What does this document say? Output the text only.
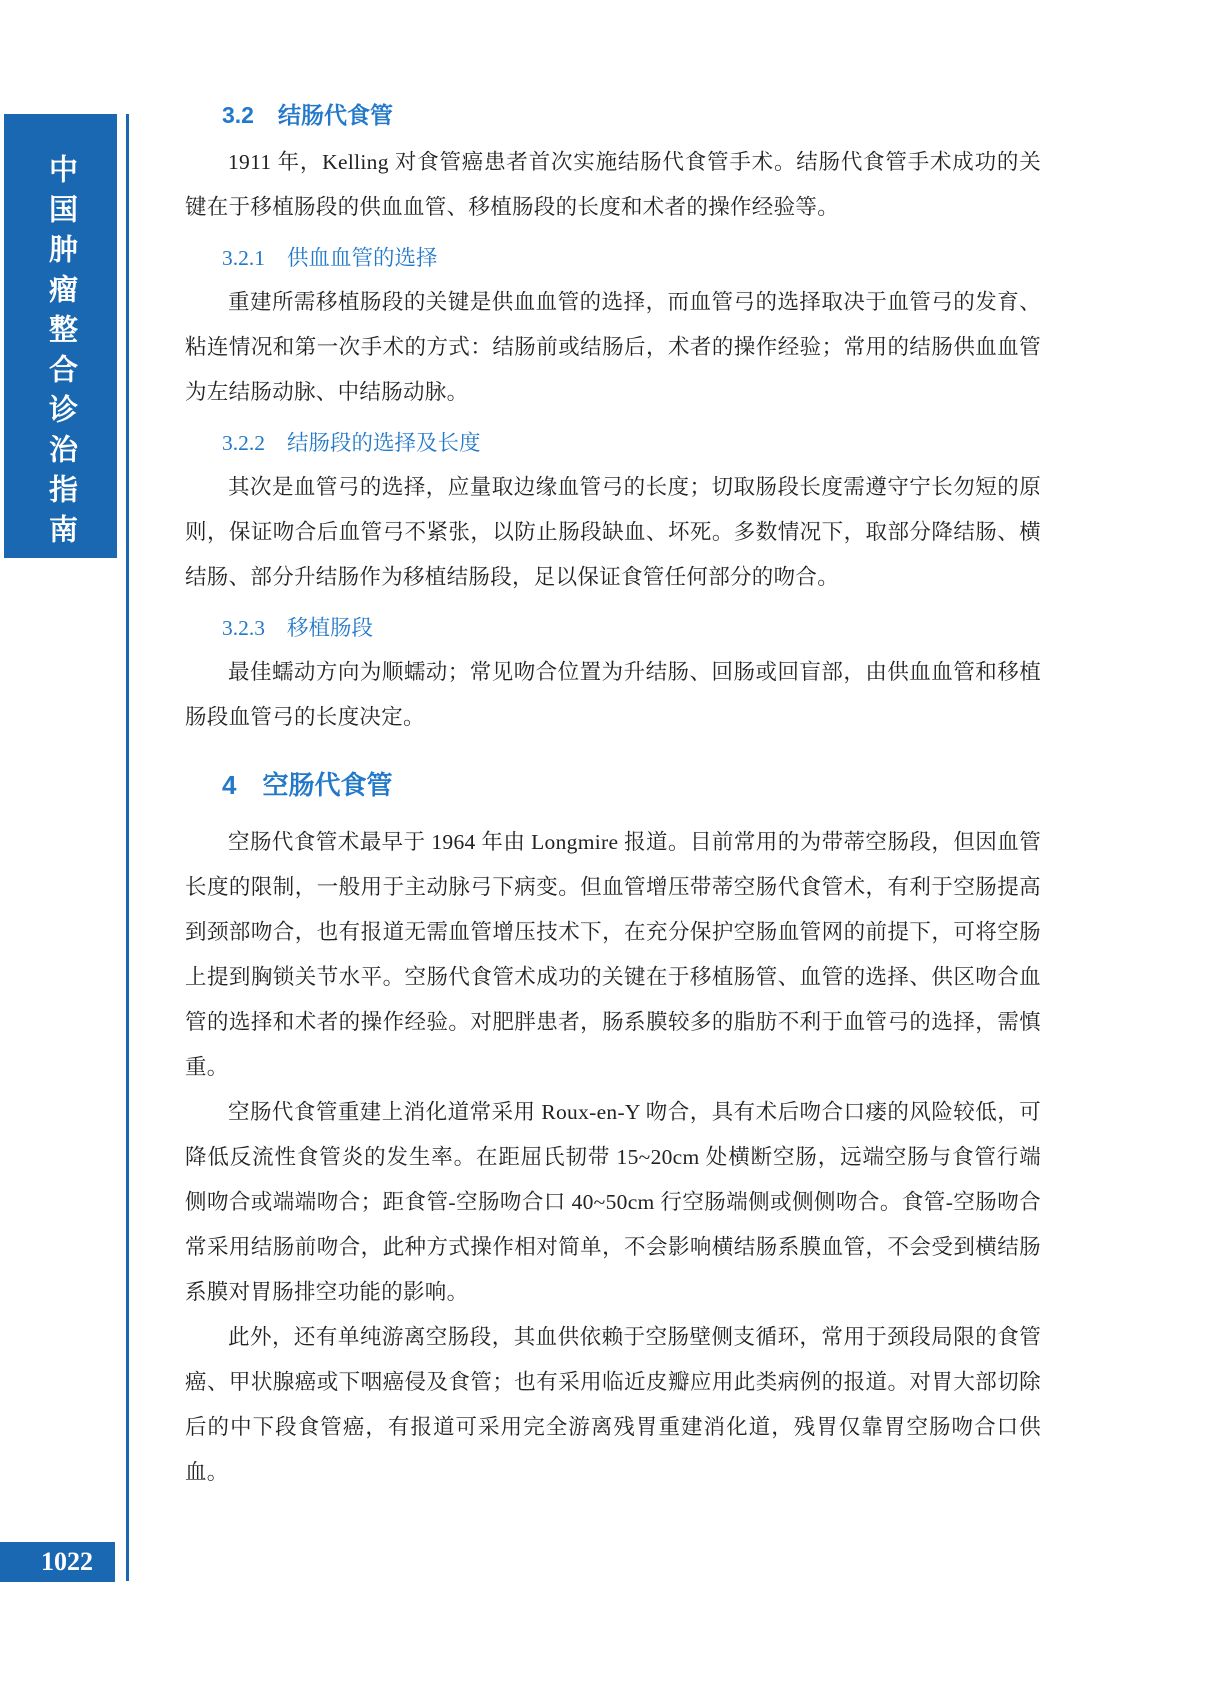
中国肿瘤整合诊治指南
1022
3.2 结肠代食管

1911 年，Kelling 对食管癌患者首次实施结肠代食管手术。结肠代食管手术成功的关键在于移植肠段的供血血管、移植肠段的长度和术者的操作经验等。

3.2.1 供血血管的选择

重建所需移植肠段的关键是供血血管的选择，而血管弓的选择取决于血管弓的发育、粘连情况和第一次手术的方式：结肠前或结肠后，术者的操作经验；常用的结肠供血血管为左结肠动脉、中结肠动脉。

3.2.2 结肠段的选择及长度

其次是血管弓的选择，应量取边缘血管弓的长度；切取肠段长度需遵守宁长勿短的原则，保证吻合后血管弓不紧张，以防止肠段缺血、坏死。多数情况下，取部分降结肠、横结肠、部分升结肠作为移植结肠段，足以保证食管任何部分的吻合。

3.2.3 移植肠段

最佳蠕动方向为顺蠕动；常见吻合位置为升结肠、回肠或回盲部，由供血血管和移植肠段血管弓的长度决定。

4 空肠代食管

空肠代食管术最早于 1964 年由 Longmire 报道。目前常用的为带蒂空肠段，但因血管长度的限制，一般用于主动脉弓下病变。但血管增压带蒂空肠代食管术，有利于空肠提高到颈部吻合，也有报道无需血管增压技术下，在充分保护空肠血管网的前提下，可将空肠上提到胸锁关节水平。空肠代食管术成功的关键在于移植肠管、血管的选择、供区吻合血管的选择和术者的操作经验。对肥胖患者，肠系膜较多的脂肪不利于血管弓的选择，需慎重。

空肠代食管重建上消化道常采用 Roux-en-Y 吻合，具有术后吻合口瘘的风险较低，可降低反流性食管炎的发生率。在距屈氏韧带 15~20cm 处横断空肠，远端空肠与食管行端侧吻合或端端吻合；距食管-空肠吻合口 40~50cm 行空肠端侧或侧侧吻合。食管-空肠吻合常采用结肠前吻合，此种方式操作相对简单，不会影响横结肠系膜血管，不会受到横结肠系膜对胃肠排空功能的影响。

此外，还有单纯游离空肠段，其血供依赖于空肠壁侧支循环，常用于颈段局限的食管癌、甲状腺癌或下咽癌侵及食管；也有采用临近皮瓣应用此类病例的报道。对胃大部切除后的中下段食管癌，有报道可采用完全游离残胃重建消化道，残胃仅靠胃空肠吻合口供血。
